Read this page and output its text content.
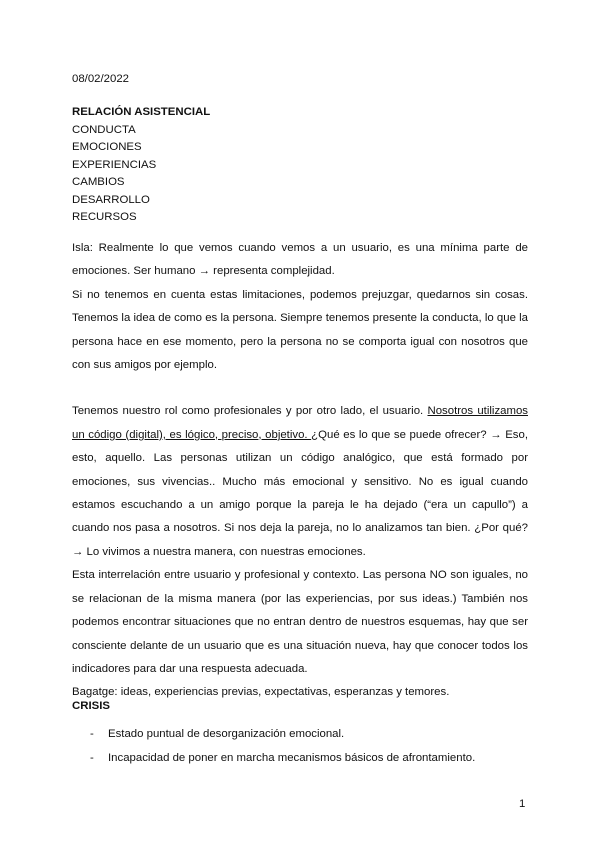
08/02/2022
RELACIÓN ASISTENCIAL
CONDUCTA
EMOCIONES
EXPERIENCIAS
CAMBIOS
DESARROLLO
RECURSOS

Isla: Realmente lo que vemos cuando vemos a un usuario, es una mínima parte de emociones. Ser humano → representa complejidad.

Si no tenemos en cuenta estas limitaciones, podemos prejuzgar, quedarnos sin cosas. Tenemos la idea de como es la persona. Siempre tenemos presente la conducta, lo que la persona hace en ese momento, pero la persona no se comporta igual con nosotros que con sus amigos por ejemplo.

Tenemos nuestro rol como profesionales y por otro lado, el usuario. Nosotros utilizamos un código (digital), es lógico, preciso, objetivo. ¿Qué es lo que se puede ofrecer? → Eso, esto, aquello. Las personas utilizan un código analógico, que está formado por emociones, sus vivencias.. Mucho más emocional y sensitivo. No es igual cuando estamos escuchando a un amigo porque la pareja le ha dejado (“era un capullo”) a cuando nos pasa a nosotros. Si nos deja la pareja, no lo analizamos tan bien. ¿Por qué? → Lo vivimos a nuestra manera, con nuestras emociones.

Esta interrelación entre usuario y profesional y contexto. Las persona NO son iguales, no se relacionan de la misma manera (por las experiencias, por sus ideas.) También nos podemos encontrar situaciones que no entran dentro de nuestros esquemas, hay que ser consciente delante de un usuario que es una situación nueva, hay que conocer todos los indicadores para dar una respuesta adecuada.

Bagatge: ideas, experiencias previas, expectativas, esperanzas y temores.

CRISIS
- Estado puntual de desorganización emocional.
- Incapacidad de poner en marcha mecanismos básicos de afrontamiento.
1
